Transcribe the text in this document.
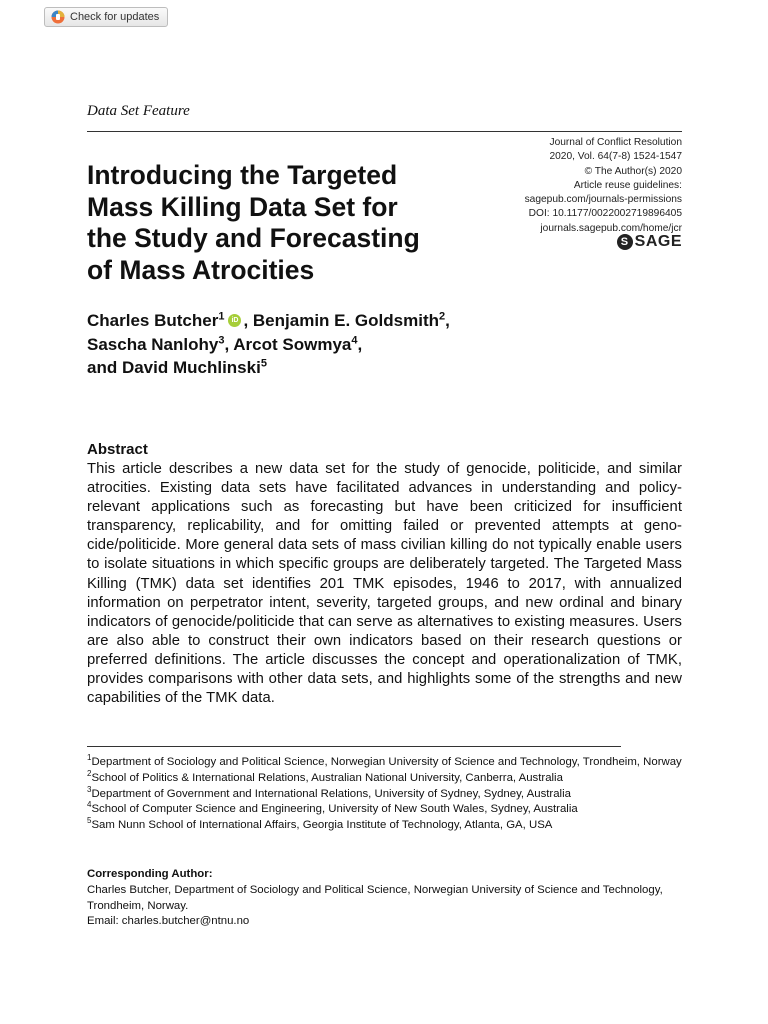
Check for updates
Data Set Feature
Journal of Conflict Resolution
2020, Vol. 64(7-8) 1524-1547
© The Author(s) 2020
Article reuse guidelines:
sagepub.com/journals-permissions
DOI: 10.1177/0022002719896405
journals.sagepub.com/home/jcr
S SAGE
Introducing the Targeted
Mass Killing Data Set for
the Study and Forecasting
of Mass Atrocities
Charles Butcher$^1$ iD , Benjamin E. Goldsmith$^2$,
Sascha Nanlohy$^3$, Arcot Sowmya$^4$,
and David Muchlinski$^5$
Abstract
This article describes a new data set for the study of genocide, politicide, and similar atrocities. Existing data sets have facilitated advances in understanding and policy-relevant applications such as forecasting but have been criticized for insufficient transparency, replicability, and for omitting failed or prevented attempts at geno-cide/politicide. More general data sets of mass civilian killing do not typically enable users to isolate situations in which specific groups are deliberately targeted. The Targeted Mass Killing (TMK) data set identifies 201 TMK episodes, 1946 to 2017, with annualized information on perpetrator intent, severity, targeted groups, and new ordinal and binary indicators of genocide/politicide that can serve as alternatives to existing measures. Users are also able to construct their own indicators based on their research questions or preferred definitions. The article discusses the concept and operationalization of TMK, provides comparisons with other data sets, and highlights some of the strengths and new capabilities of the TMK data.
$^1$Department of Sociology and Political Science, Norwegian University of Science and Technology, Trondheim, Norway
$^2$School of Politics & International Relations, Australian National University, Canberra, Australia
$^3$Department of Government and International Relations, University of Sydney, Sydney, Australia
$^4$School of Computer Science and Engineering, University of New South Wales, Sydney, Australia
$^5$Sam Nunn School of International Affairs, Georgia Institute of Technology, Atlanta, GA, USA
Corresponding Author:
Charles Butcher, Department of Sociology and Political Science, Norwegian University of Science and Technology, Trondheim, Norway.
Email: charles.butcher@ntnu.no
